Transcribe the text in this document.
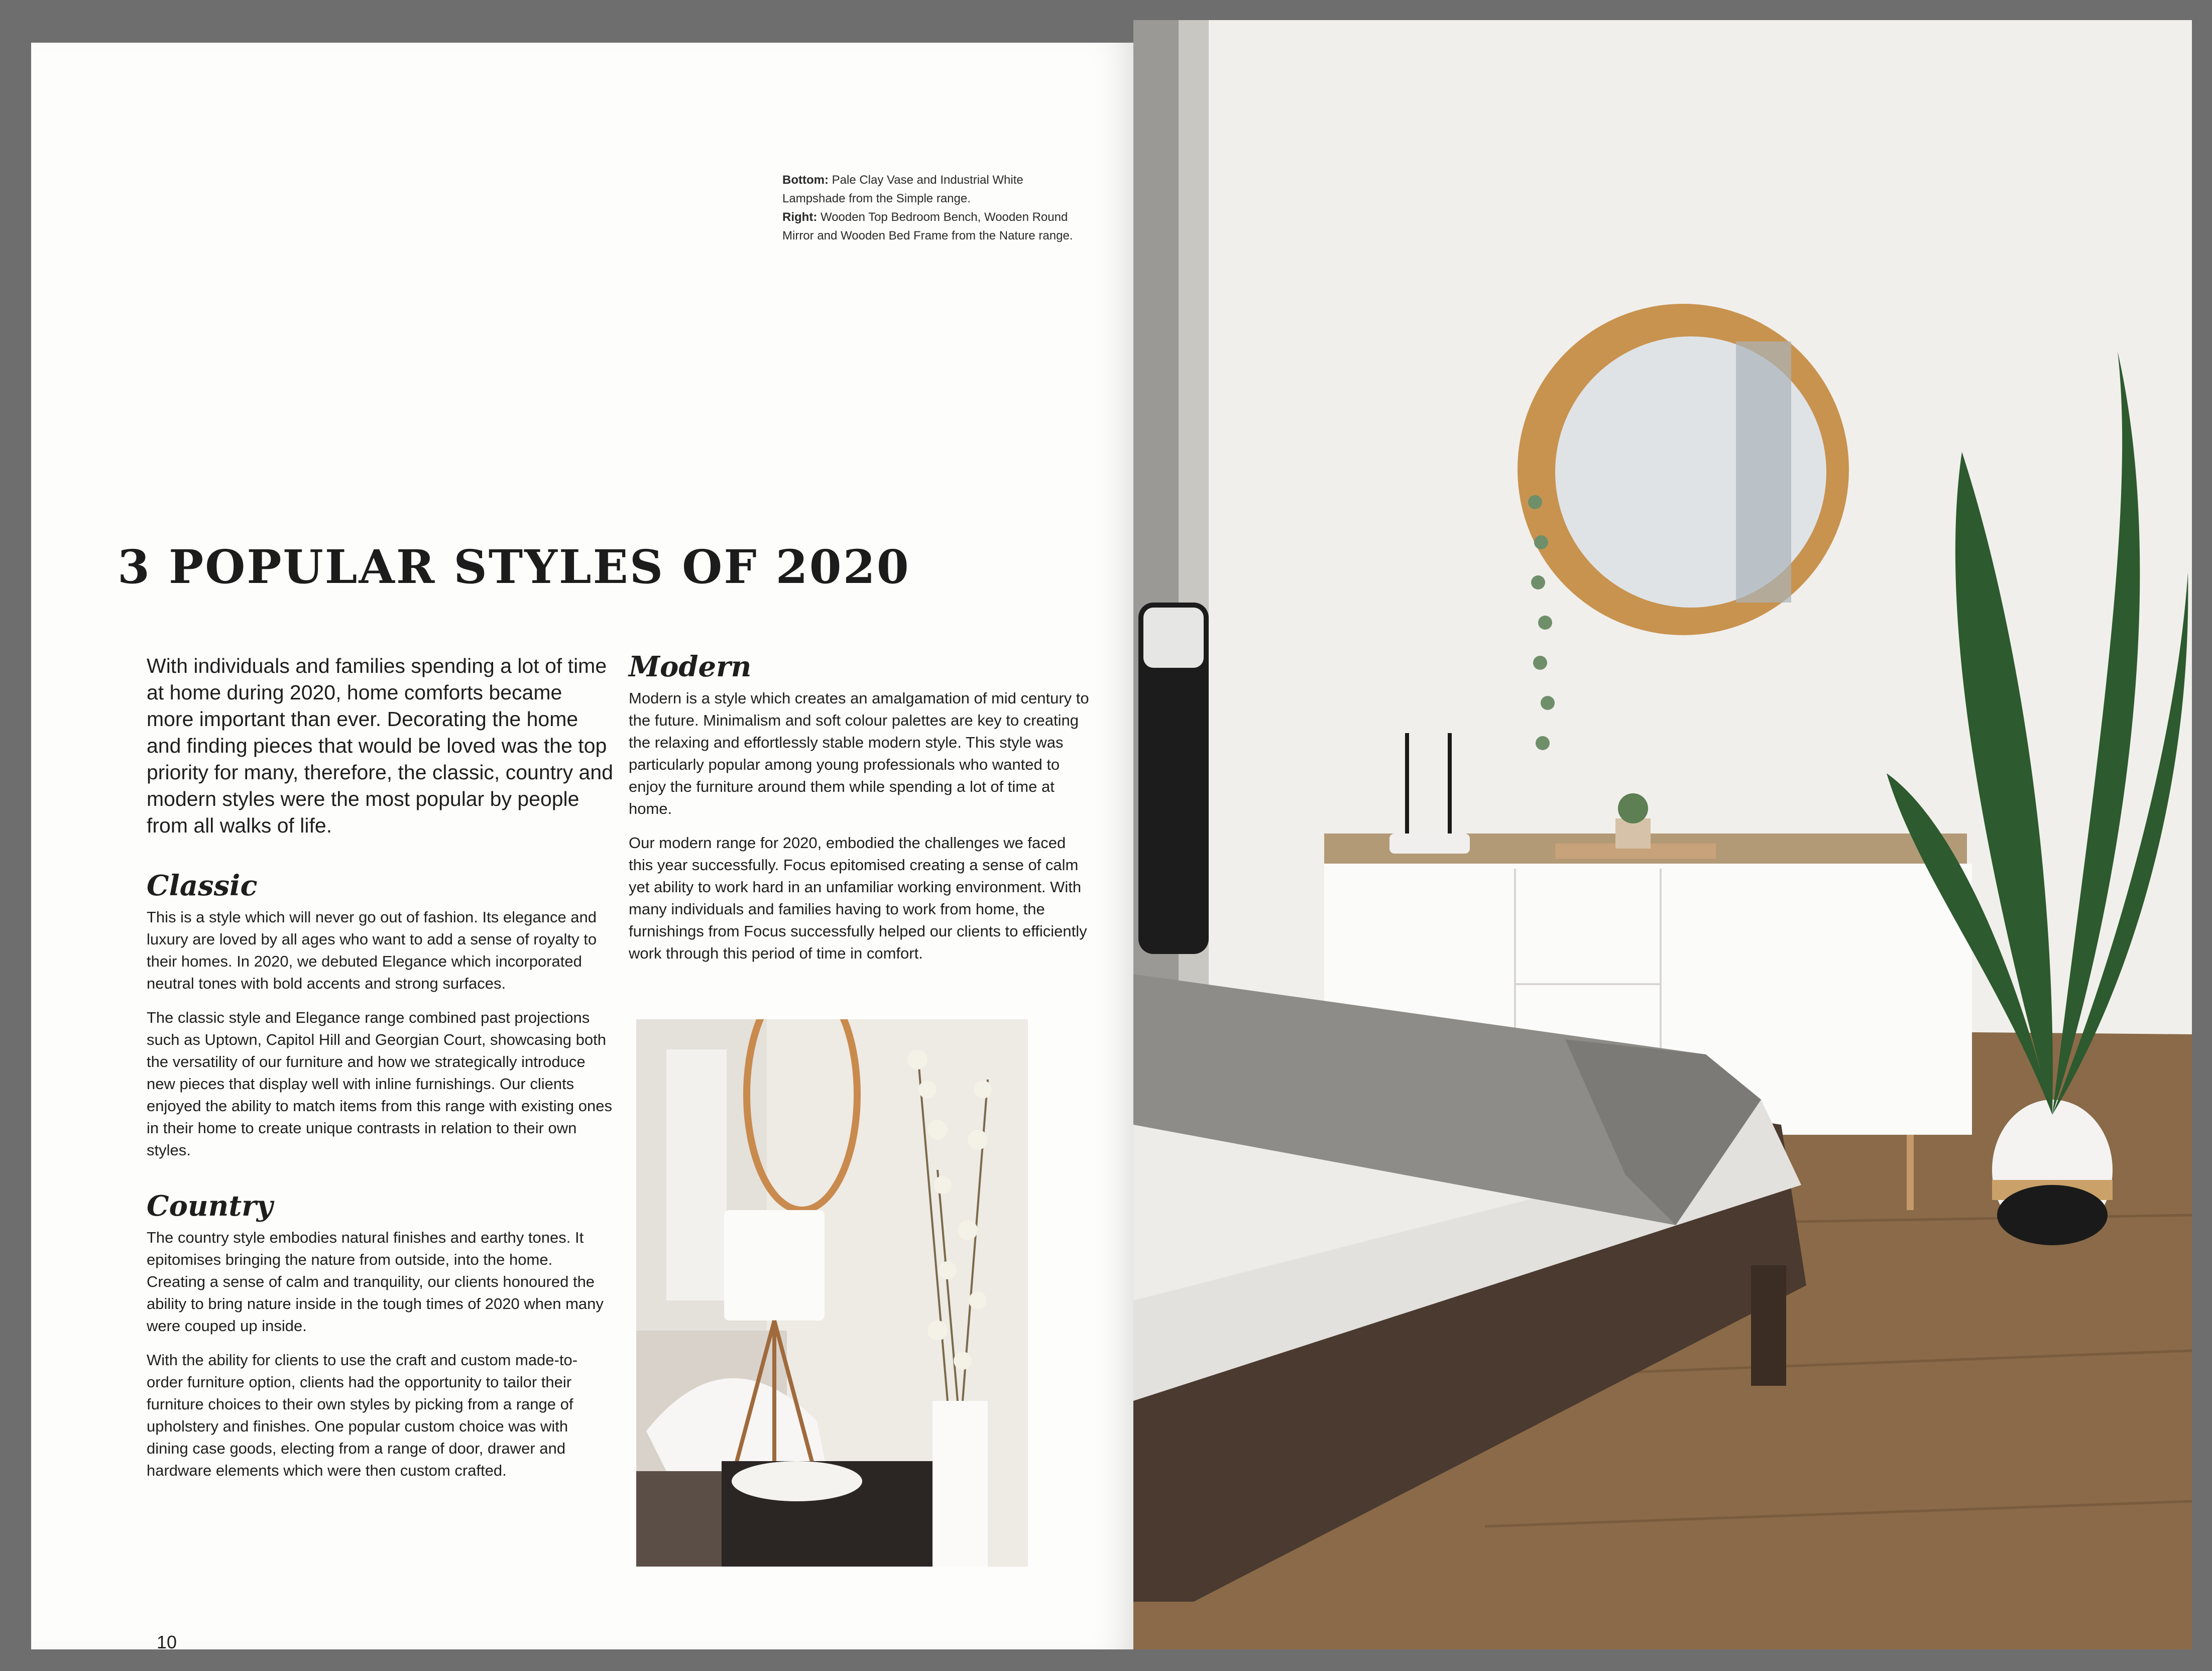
Bottom: Pale Clay Vase and Industrial White Lampshade from the Simple range.
Right: Wooden Top Bedroom Bench, Wooden Round Mirror and Wooden Bed Frame from the Nature range.
3 POPULAR STYLES OF 2020

With individuals and families spending a lot of time at home during 2020, home comforts became more important than ever. Decorating the home and finding pieces that would be loved was the top priority for many, therefore, the classic, country and modern styles were the most popular by people from all walks of life.

Classic

This is a style which will never go out of fashion. Its elegance and luxury are loved by all ages who want to add a sense of royalty to their homes. In 2020, we debuted Elegance which incorporated neutral tones with bold accents and strong surfaces.

The classic style and Elegance range combined past projections such as Uptown, Capitol Hill and Georgian Court, showcasing both the versatility of our furniture and how we strategically introduce new pieces that display well with inline furnishings. Our clients enjoyed the ability to match items from this range with existing ones in their home to create unique contrasts in relation to their own styles.

Country

The country style embodies natural finishes and earthy tones. It epitomises bringing the nature from outside, into the home. Creating a sense of calm and tranquility, our clients honoured the ability to bring nature inside in the tough times of 2020 when many were couped up inside.

With the ability for clients to use the craft and custom made-to-order furniture option, clients had the opportunity to tailor their furniture choices to their own styles by picking from a range of upholstery and finishes. One popular custom choice was with dining case goods, electing from a range of door, drawer and hardware elements which were then custom crafted.

Modern

Modern is a style which creates an amalgamation of mid century to the future. Minimalism and soft colour palettes are key to creating the relaxing and effortlessly stable modern style. This style was particularly popular among young professionals who wanted to enjoy the furniture around them while spending a lot of time at home.

Our modern range for 2020, embodied the challenges we faced this year successfully. Focus epitomised creating a sense of calm yet ability to work hard in an unfamiliar working environment. With many individuals and families having to work from home, the furnishings from Focus successfully helped our clients to efficiently work through this period of time in comfort.

10
